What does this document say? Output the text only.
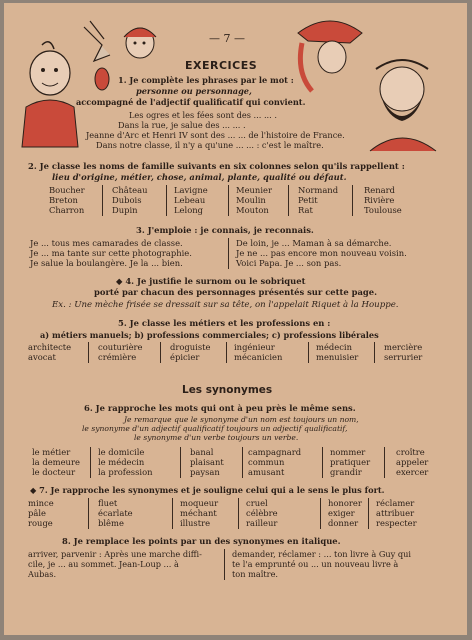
— 7 —
EXERCICES
1. Je complète les phrases par le mot :
personne ou personnage,
accompagné de l'adjectif qualificatif qui convient.
Les ogres et les fées sont des ... ... .
Dans la rue, je salue des ... ... .
Jeanne d'Arc et Henri IV sont des ... ... de l'histoire de France.
Dans notre classe, il n'y a qu'une ... ... : c'est le maître.
2. Je classe les noms de famille suivants en six colonnes selon qu'ils rappellent :
lieu d'origine, métier, chose, animal, plante, qualité ou défaut.
Boucher
Breton
Charron
Château
Dubois
Dupin
Lavigne
Lebeau
Lelong
Meunier
Moulin
Mouton
Normand
Petit
Rat
Renard
Rivière
Toulouse
3. J'emploie : je connais, je reconnais.
Je ... tous mes camarades de classe.
Je ... ma tante sur cette photographie.
Je salue la boulangère. Je la ... bien.
De loin, je ... Maman à sa démarche.
Je ne ... pas encore mon nouveau voisin.
Voici Papa. Je ... son pas.
◆ 4. Je justifie le surnom ou le sobriquet
porté par chacun des personnages présentés sur cette page.
Ex. : Une mèche frisée se dressait sur sa tête, on l'appelait Riquet à la Houppe.
5. Je classe les métiers et les professions en :
a) métiers manuels; b) professions commerciales; c) professions libérales
architecte
avocat
couturière
crémière
droguiste
épicier
ingénieur
mécanicien
médecin
menuisier
mercière
serrurier
Les synonymes
6. Je rapproche les mots qui ont à peu près le même sens.
Je remarque que le synonyme d'un nom est toujours un nom,
le synonyme d'un adjectif qualificatif toujours un adjectif qualificatif,
le synonyme d'un verbe toujours un verbe.
le métier
la demeure
le docteur
le domicile
le médecin
la profession
banal
plaisant
paysan
campagnard
commun
amusant
nommer
pratiquer
grandir
croître
appeler
exercer
◆ 7. Je rapproche les synonymes et je souligne celui qui a le sens le plus fort.
mince
pâle
rouge
fluet
écarlate
blême
moqueur
méchant
illustre
cruel
célèbre
railleur
honorer
exiger
donner
réclamer
attribuer
respecter
8. Je remplace les points par un des synonymes en italique.
arriver, parvenir : Après une marche diffi-
cile, je ... au sommet. Jean-Loup ... à
Aubas.
demander, réclamer : ... ton livre à Guy qui
te l'a emprunté ou ... un nouveau livre à
ton maître.
